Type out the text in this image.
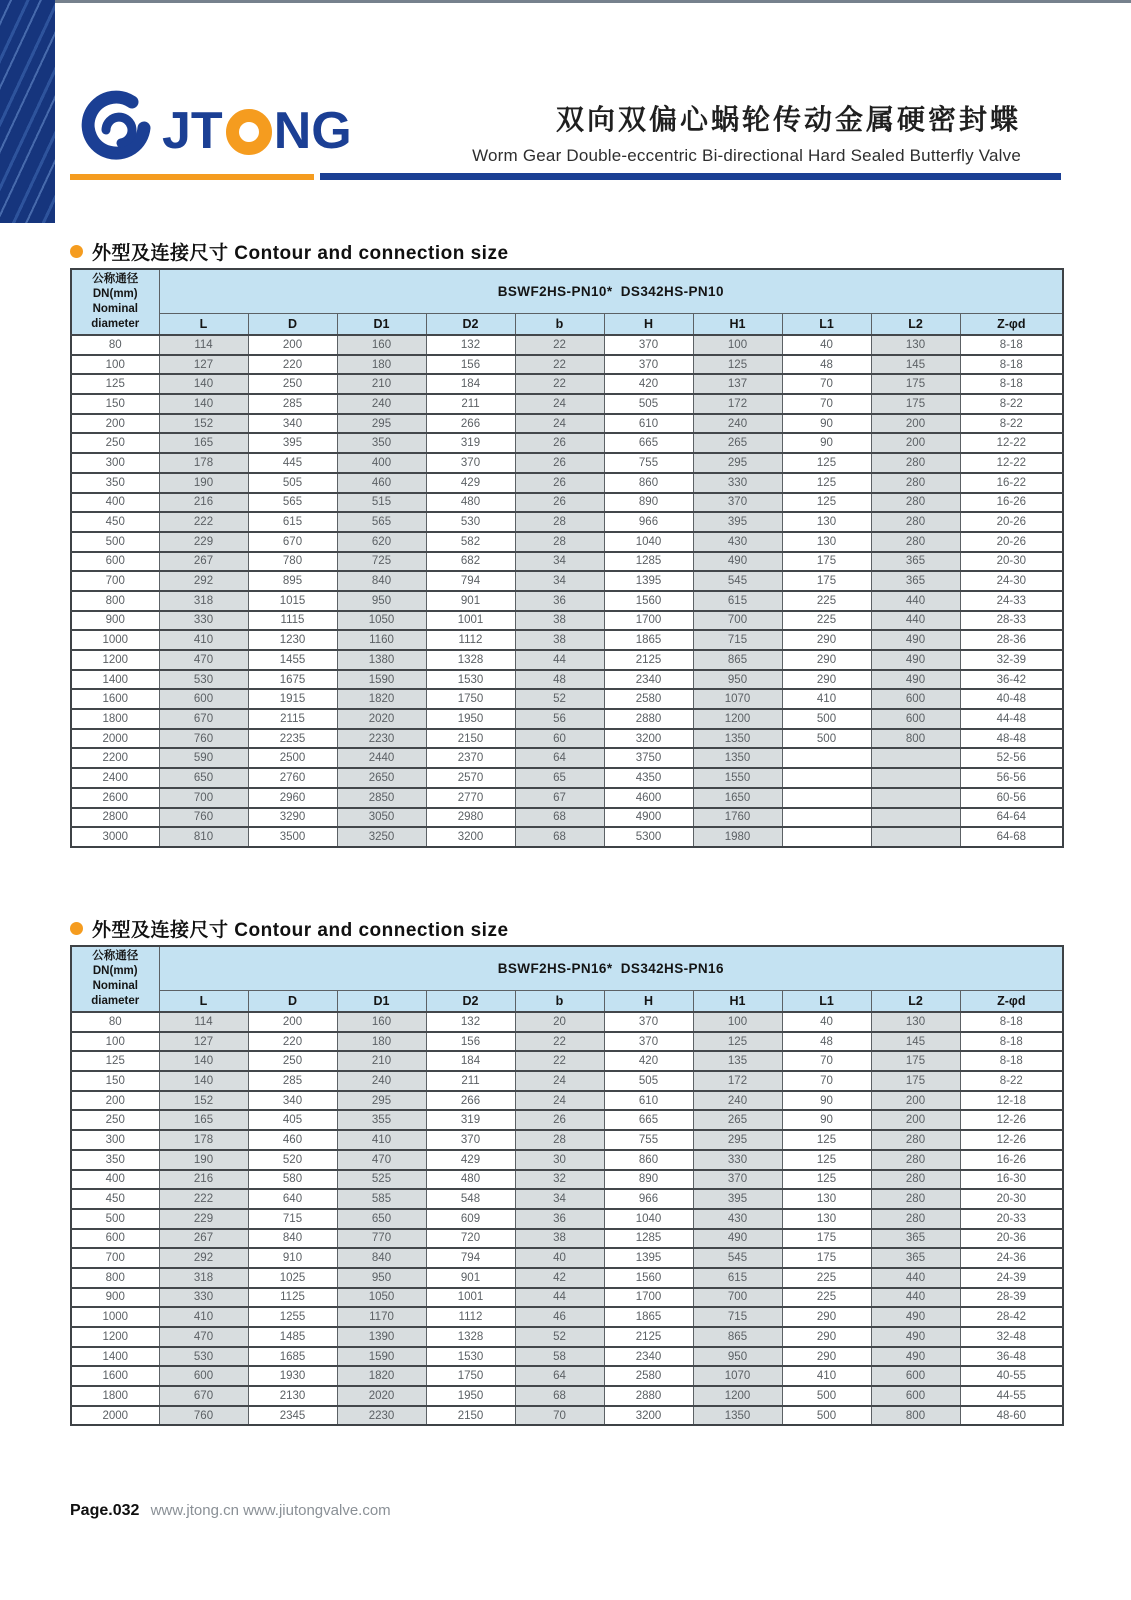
JT NG	双向双偏心蜗轮传动金属硬密封蝶
Worm Gear Double-eccentric Bi-directional Hard Sealed Butterfly Valve
外型及连接尺寸 Contour and connection size
公称通径
DN(mm)
Nominal
diameter	BSWF2HS-PN10*  DS342HS-PN10									
	L	D	D1	D2	b	H	H1	L1	L2	Z-φd
80	114	200	160	132	22	370	100	40	130	8-18
100	127	220	180	156	22	370	125	48	145	8-18
125	140	250	210	184	22	420	137	70	175	8-18
150	140	285	240	211	24	505	172	70	175	8-22
200	152	340	295	266	24	610	240	90	200	8-22
250	165	395	350	319	26	665	265	90	200	12-22
300	178	445	400	370	26	755	295	125	280	12-22
350	190	505	460	429	26	860	330	125	280	16-22
400	216	565	515	480	26	890	370	125	280	16-26
450	222	615	565	530	28	966	395	130	280	20-26
500	229	670	620	582	28	1040	430	130	280	20-26
600	267	780	725	682	34	1285	490	175	365	20-30
700	292	895	840	794	34	1395	545	175	365	24-30
800	318	1015	950	901	36	1560	615	225	440	24-33
900	330	1115	1050	1001	38	1700	700	225	440	28-33
1000	410	1230	1160	1112	38	1865	715	290	490	28-36
1200	470	1455	1380	1328	44	2125	865	290	490	32-39
1400	530	1675	1590	1530	48	2340	950	290	490	36-42
1600	600	1915	1820	1750	52	2580	1070	410	600	40-48
1800	670	2115	2020	1950	56	2880	1200	500	600	44-48
2000	760	2235	2230	2150	60	3200	1350	500	800	48-48
2200	590	2500	2440	2370	64	3750	1350			52-56
2400	650	2760	2650	2570	65	4350	1550			56-56
2600	700	2960	2850	2770	67	4600	1650			60-56
2800	760	3290	3050	2980	68	4900	1760			64-64
3000	810	3500	3250	3200	68	5300	1980			64-68
外型及连接尺寸 Contour and connection size
公称通径
DN(mm)
Nominal
diameter	BSWF2HS-PN16*  DS342HS-PN16									
	L	D	D1	D2	b	H	H1	L1	L2	Z-φd
80	114	200	160	132	20	370	100	40	130	8-18
100	127	220	180	156	22	370	125	48	145	8-18
125	140	250	210	184	22	420	135	70	175	8-18
150	140	285	240	211	24	505	172	70	175	8-22
200	152	340	295	266	24	610	240	90	200	12-18
250	165	405	355	319	26	665	265	90	200	12-26
300	178	460	410	370	28	755	295	125	280	12-26
350	190	520	470	429	30	860	330	125	280	16-26
400	216	580	525	480	32	890	370	125	280	16-30
450	222	640	585	548	34	966	395	130	280	20-30
500	229	715	650	609	36	1040	430	130	280	20-33
600	267	840	770	720	38	1285	490	175	365	20-36
700	292	910	840	794	40	1395	545	175	365	24-36
800	318	1025	950	901	42	1560	615	225	440	24-39
900	330	1125	1050	1001	44	1700	700	225	440	28-39
1000	410	1255	1170	1112	46	1865	715	290	490	28-42
1200	470	1485	1390	1328	52	2125	865	290	490	32-48
1400	530	1685	1590	1530	58	2340	950	290	490	36-48
1600	600	1930	1820	1750	64	2580	1070	410	600	40-55
1800	670	2130	2020	1950	68	2880	1200	500	600	44-55
2000	760	2345	2230	2150	70	3200	1350	500	800	48-60
Page.032 www.jtong.cn www.jiutongvalve.com
